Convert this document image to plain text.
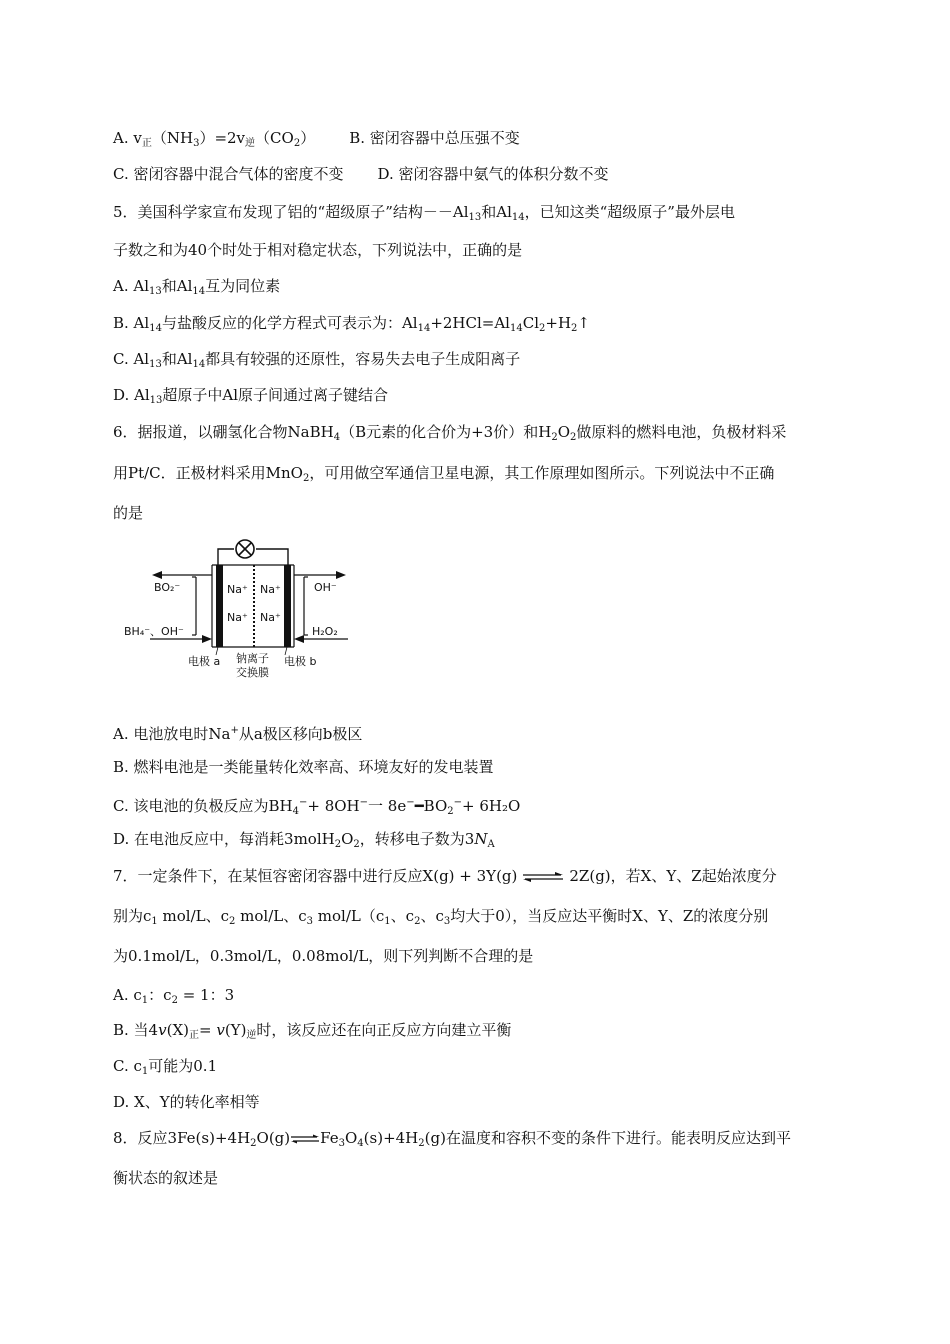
A. $v_正(NH_3)=2v_逆(CO_2)$ B. 密闭容器中总压强不变
C. 密闭容器中混合气体的密度不变 D. 密闭容器中氨气的体积分数不变
5．美国科学家宣布发现了铝的“超级原子”结构$--Al_{13}$和$Al_{14}$，已知这类“超级原子”最外层电
子数之和为40个时处于相对稳定状态，下列说法中，正确的是
A. $Al_{13}$和$Al_{14}$互为同位素
B. $Al_{14}$与盐酸反应的化学方程式可表示为：$Al_{14}+2HCl=Al_{14}Cl_2+H_2↑$
C. $Al_{13}$和$Al_{14}$都具有较强的还原性，容易失去电子生成阳离子
D. $Al_{13}$超原子中Al原子间通过离子键结合
6．据报道，以硼氢化合物NaBH$_4$（B元素的化合价为+3价）和$H_2O_2$做原料的燃料电池，负极材料采
用Pt/C．正极材料采用MnO$_2$，可用做空军通信卫星电源，其工作原理如图所示。下列说法中不正确
的是
Na⁺ Na⁺
Na⁺ Na⁺
BO₂⁻
BH₄⁻、OH⁻
OH⁻
H₂O₂
电极 a	电极 b
钠离子
交换膜
A. 电池放电时Na+从a极区移向b极区
B. 燃料电池是一类能量转化效率高、环境友好的发电装置
C. 该电池的负极反应为$BH_4^-+ 8OH^-$一 $8e^-━BO_2^-+ 6H_2O$
D. 在电池反应中，每消耗$3molH_2O_2$，转移电子数为$3N_A$
7．一定条件下，在某恒容密闭容器中进行反应X(g) + 3Y(g) ⇌ 2Z(g)，若X、Y、Z起始浓度分
别为$c_1$ mol/L、$c_2$ mol/L、$c_3$ mol/$L(c_1$、$c_2$、$c_3$均大于0），当反应达平衡时X、Y、Z的浓度分别
为0.1mol/L，0.3mol/L，0.08mol/L，则下列判断不合理的是
A. $c_1$：$c_2 = 1$：3
B. 当$4v(X)_正= v(Y)_逆$时，该反应还在向正反应方向建立平衡
C. $c_1$可能为0.1
D. X、Y的转化率相等
8．反应$3Fe(s)+4H_2O(g)\rightleftharpoons Fe_3O_4(s)+4H_2(g)$在温度和容积不变的条件下进行。能表明反应达到平
衡状态的叙述是
